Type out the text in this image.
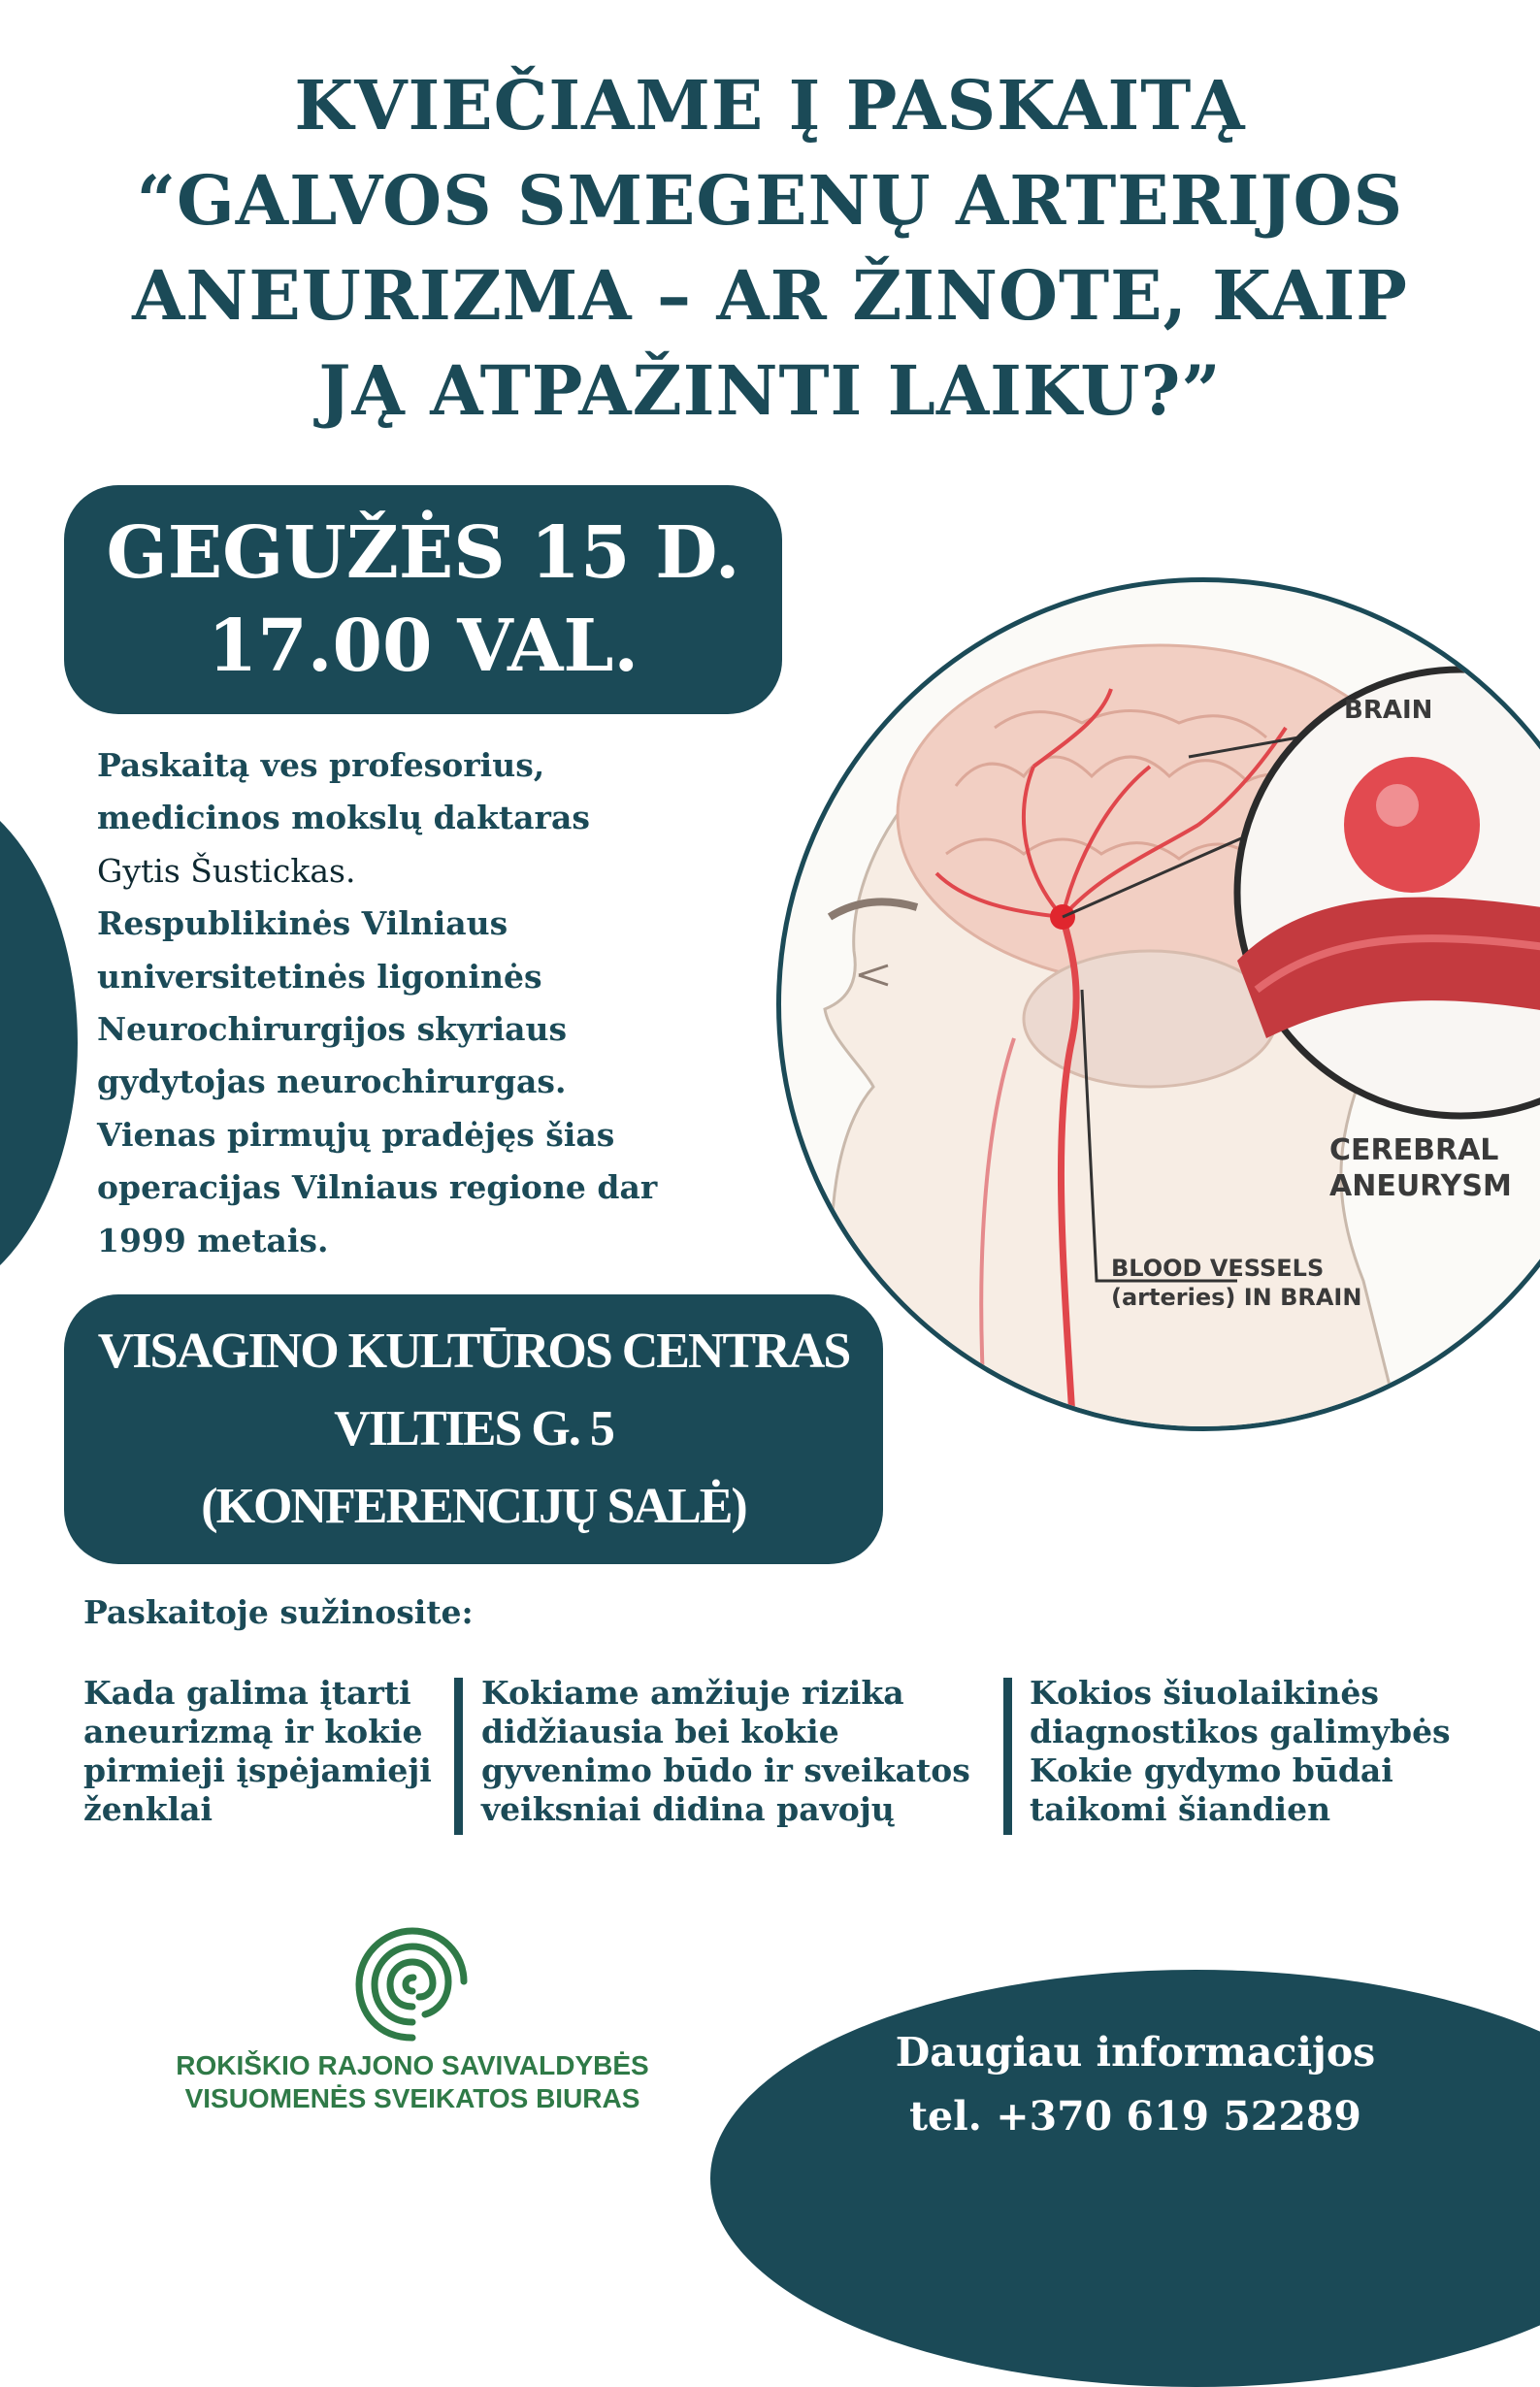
KVIEČIAME Į PASKAITĄ
“GALVOS SMEGENŲ ARTERIJOS
ANEURIZMA – AR ŽINOTE, KAIP
JĄ ATPAŽINTI LAIKU?”
GEGUŽĖS 15 D.
17.00 VAL.
Paskaitą ves profesorius,
medicinos mokslų daktaras
Gytis Šustickas.
Respublikinės Vilniaus
universitetinės ligoninės
Neurochirurgijos skyriaus
gydytojas neurochirurgas.
Vienas pirmųjų pradėjęs šias
operacijas Vilniaus regione dar
1999 metais.
BRAIN
CEREBRAL
ANEURYSM
BLOOD VESSELS
(arteries) IN BRAIN
VISAGINO KULTŪROS CENTRAS
VILTIES G. 5
(KONFERENCIJŲ SALĖ)
Paskaitoje sužinosite:
Kada galima įtarti
aneurizmą ir kokie
pirmieji įspėjamieji
ženklai
Kokiame amžiuje rizika
didžiausia bei kokie
gyvenimo būdo ir sveikatos
veiksniai didina pavojų
Kokios šiuolaikinės
diagnostikos galimybės
Kokie gydymo būdai
taikomi šiandien
ROKIŠKIO RAJONO SAVIVALDYBĖS
VISUOMENĖS SVEIKATOS BIURAS
Daugiau informacijos
tel. +370 619 52289
